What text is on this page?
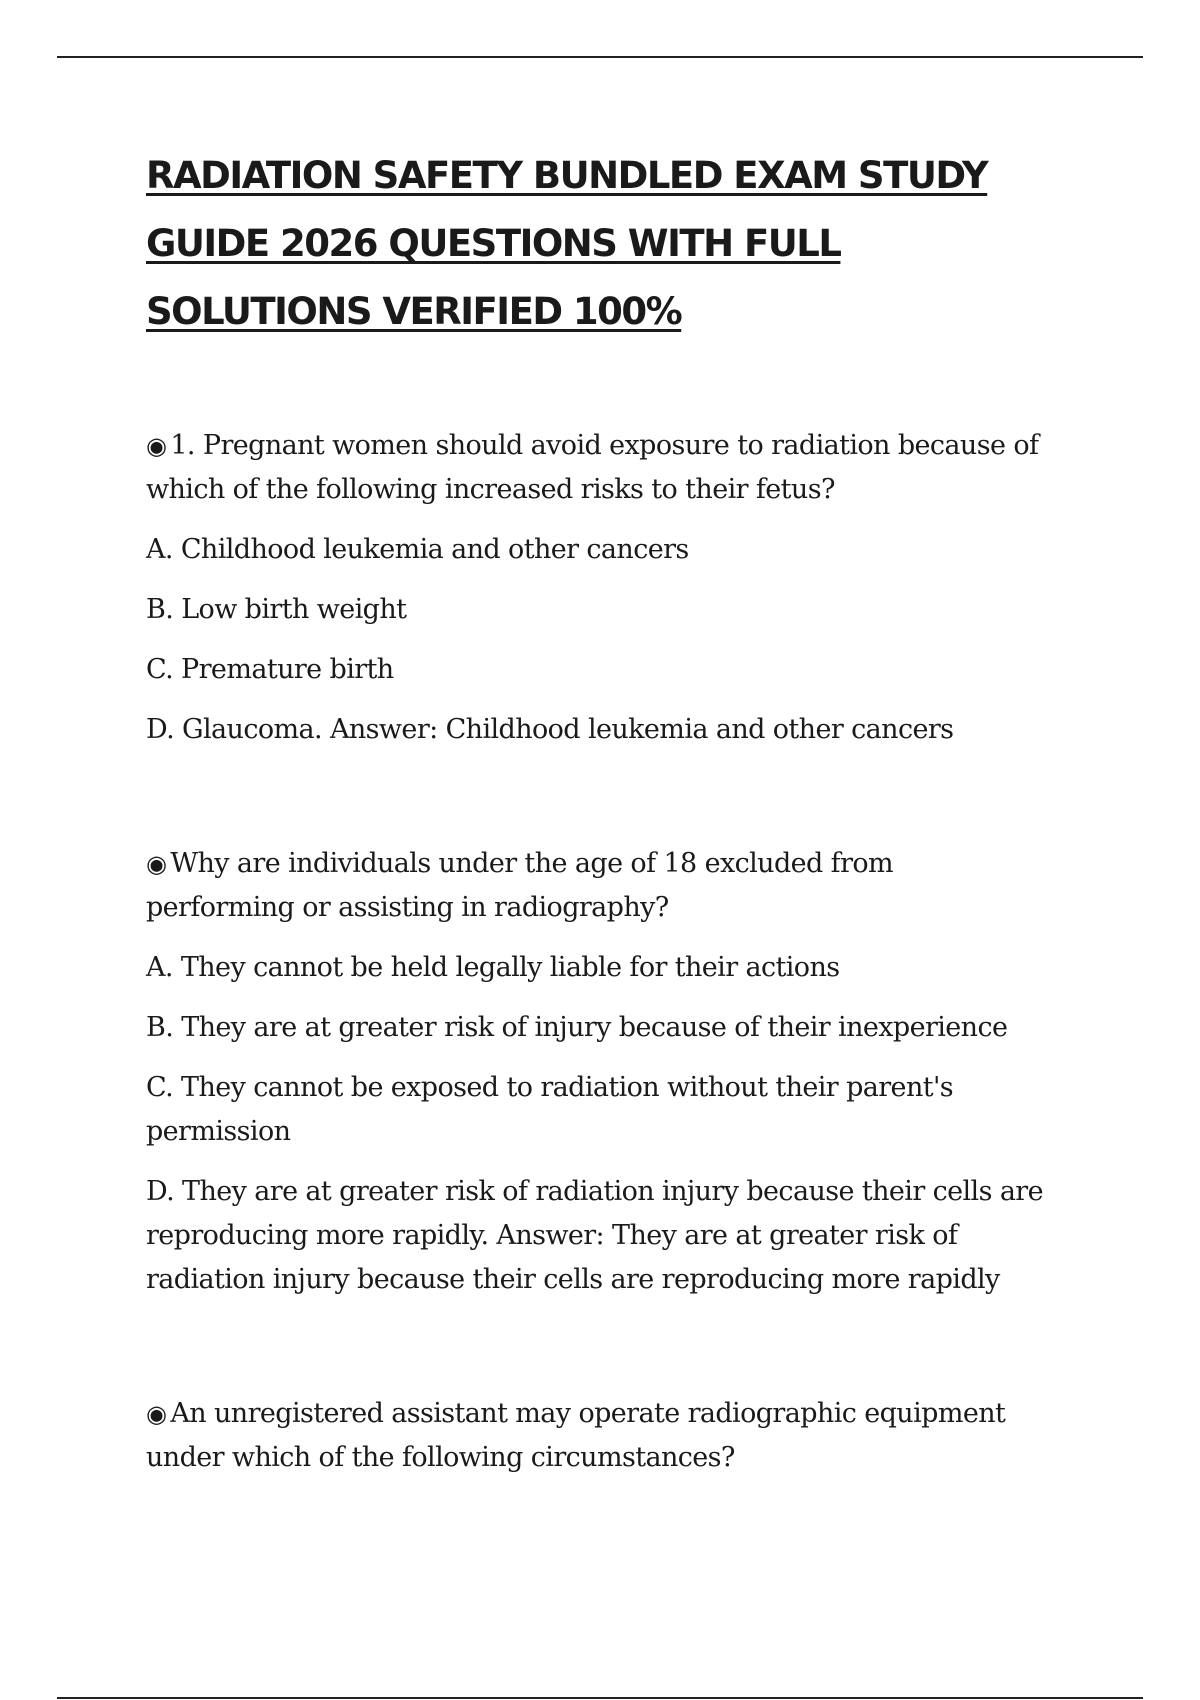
RADIATION SAFETY BUNDLED EXAM STUDY GUIDE 2026 QUESTIONS WITH FULL SOLUTIONS VERIFIED 100%

◉ 1. Pregnant women should avoid exposure to radiation because of which of the following increased risks to their fetus?

A. Childhood leukemia and other cancers

B. Low birth weight

C. Premature birth

D. Glaucoma. Answer: Childhood leukemia and other cancers

◉ Why are individuals under the age of 18 excluded from performing or assisting in radiography?

A. They cannot be held legally liable for their actions

B. They are at greater risk of injury because of their inexperience

C. They cannot be exposed to radiation without their parent's permission

D. They are at greater risk of radiation injury because their cells are reproducing more rapidly. Answer: They are at greater risk of radiation injury because their cells are reproducing more rapidly

◉ An unregistered assistant may operate radiographic equipment under which of the following circumstances?
